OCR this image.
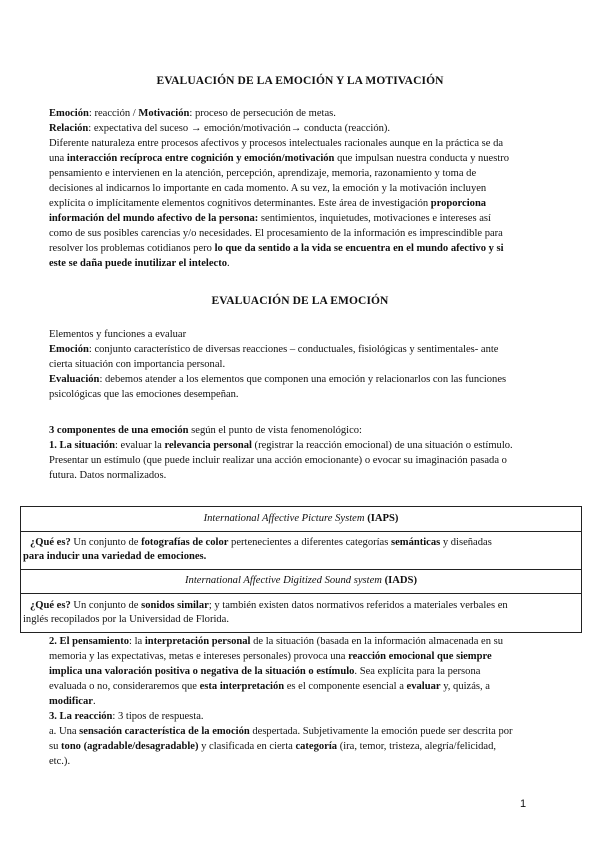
EVALUACIÓN DE LA EMOCIÓN Y LA MOTIVACIÓN
Emoción: reacción / Motivación: proceso de persecución de metas.
Relación: expectativa del suceso → emoción/motivación→ conducta (reacción).
Diferente naturaleza entre procesos afectivos y procesos intelectuales racionales aunque en la práctica se da
una interacción recíproca entre cognición y emoción/motivación que impulsan nuestra conducta y nuestro
pensamiento e intervienen en la atención, percepción, aprendizaje, memoria, razonamiento y toma de
decisiones al indicarnos lo importante en cada momento. A su vez, la emoción y la motivación incluyen
explícita o implícitamente elementos cognitivos determinantes. Este área de investigación proporciona
información del mundo afectivo de la persona: sentimientos, inquietudes, motivaciones e intereses así
como de sus posibles carencias y/o necesidades. El procesamiento de la información es imprescindible para
resolver los problemas cotidianos pero lo que da sentido a la vida se encuentra en el mundo afectivo y si
este se daña puede inutilizar el intelecto.
EVALUACIÓN DE LA EMOCIÓN
Elementos y funciones a evaluar
Emoción: conjunto característico de diversas reacciones – conductuales, fisiológicas y sentimentales- ante
cierta situación con importancia personal.
Evaluación: debemos atender a los elementos que componen una emoción y relacionarlos con las funciones
psicológicas que las emociones desempeñan.
3 componentes de una emoción según el punto de vista fenomenológico:
1. La situación: evaluar la relevancia personal (registrar la reacción emocional) de una situación o estímulo.
Presentar un estímulo (que puede incluir realizar una acción emocionante) o evocar su imaginación pasada o
futura. Datos normalizados.
International Affective Picture System (IAPS)
¿Qué es? Un conjunto de fotografías de color pertenecientes a diferentes categorías semánticas y diseñadas
para inducir una variedad de emociones.
International Affective Digitized Sound system (IADS)
¿Qué es? Un conjunto de sonidos similar; y también existen datos normativos referidos a materiales verbales en
inglés recopilados por la Universidad de Florida.
2. El pensamiento: la interpretación personal de la situación (basada en la información almacenada en su
memoria y las expectativas, metas e intereses personales) provoca una reacción emocional que siempre
implica una valoración positiva o negativa de la situación o estímulo. Sea explícita para la persona
evaluada o no, consideraremos que esta interpretación es el componente esencial a evaluar y, quizás, a
modificar.
3. La reacción: 3 tipos de respuesta.
a. Una sensación característica de la emoción despertada. Subjetivamente la emoción puede ser descrita por
su tono (agradable/desagradable) y clasificada en cierta categoría (ira, temor, tristeza, alegría/felicidad,
etc.).
1
